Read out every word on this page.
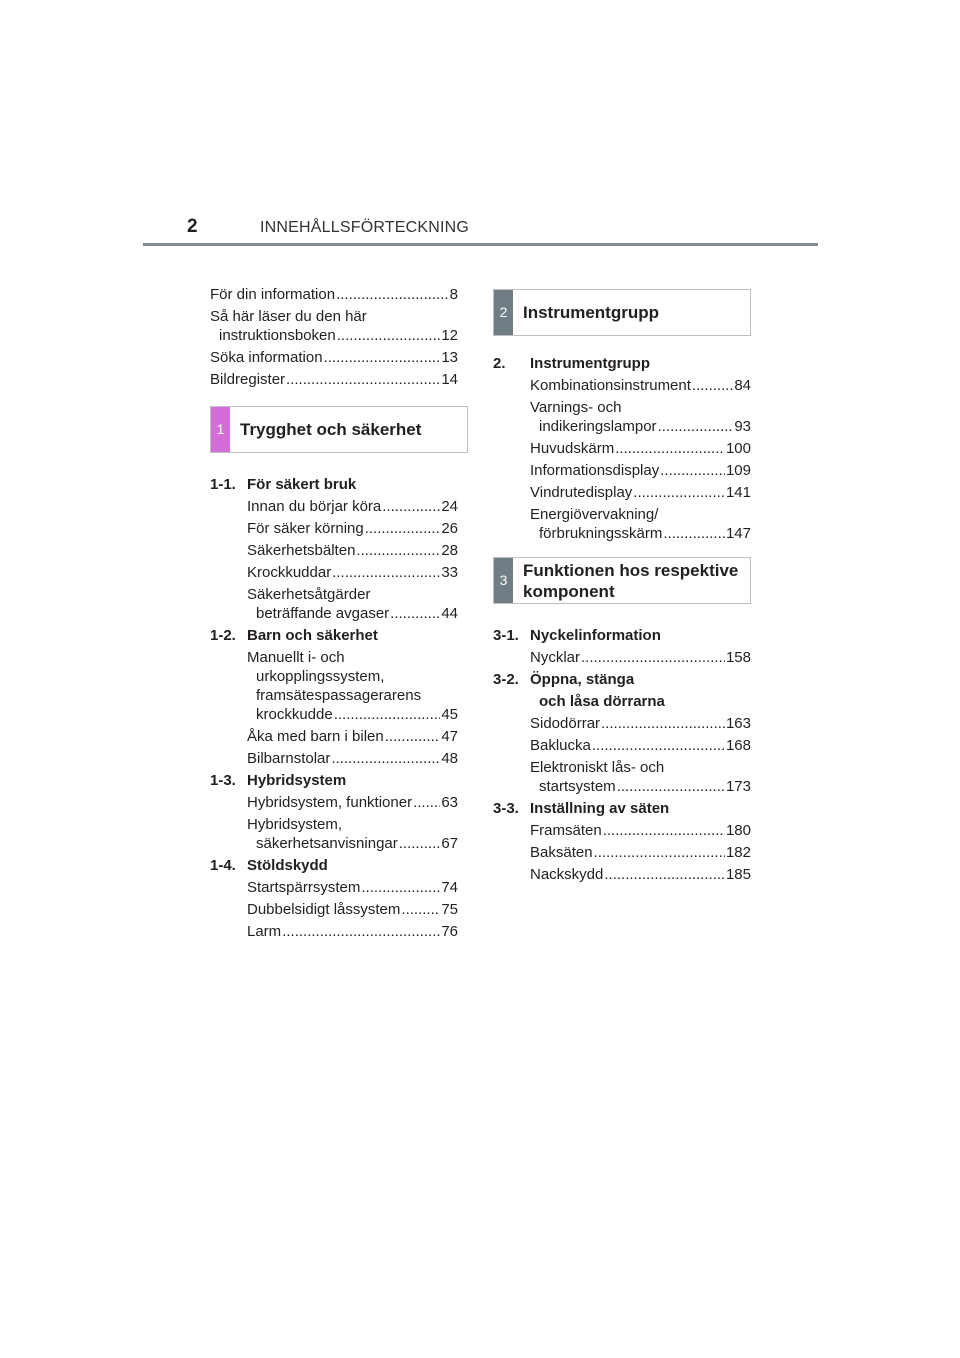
2	INNEHÅLLSFÖRTECKNING
För din information .....	8
Så här läser du den här
instruktionsboken .....	12
Söka information .....	13
Bildregister .....	14
1 Trygghet och säkerhet
1-1. För säkert bruk
Innan du börjar köra .....	24
För säker körning .....	26
Säkerhetsbälten .....	28
Krockkuddar .....	33
Säkerhetsåtgärder
beträffande avgaser .....	44
1-2. Barn och säkerhet
Manuellt i- och
urkopplingssystem,
framsätespassagerarens
krockkudde .....	45
Åka med barn i bilen .....	47
Bilbarnstolar .....	48
1-3. Hybridsystem
Hybridsystem, funktioner ..... 63
Hybridsystem,
säkerhetsanvisningar .....	67
1-4. Stöldskydd
Startspärrsystem .....	74
Dubbelsidigt låssystem .....	75
Larm .....	76
2 Instrumentgrupp
2.	Instrumentgrupp
Kombinationsinstrument .....	84
Varnings- och
indikeringslampor .....	93
Huvudskärm .....	100
Informationsdisplay .....	109
Vindrutedisplay .....	141
Energiövervakning/
förbrukningsskärm .....	147
3
Funktionen hos respektive
komponent
3-1. Nyckelinformation
Nycklar .....	158
3-2. Öppna, stänga
och låsa dörrarna
Sidodörrar .....	163
Baklucka .....	168
Elektroniskt lås- och
startsystem .....	173
3-3. Inställning av säten
Framsäten .....	180
Baksäten .....	182
Nackskydd .....	185
